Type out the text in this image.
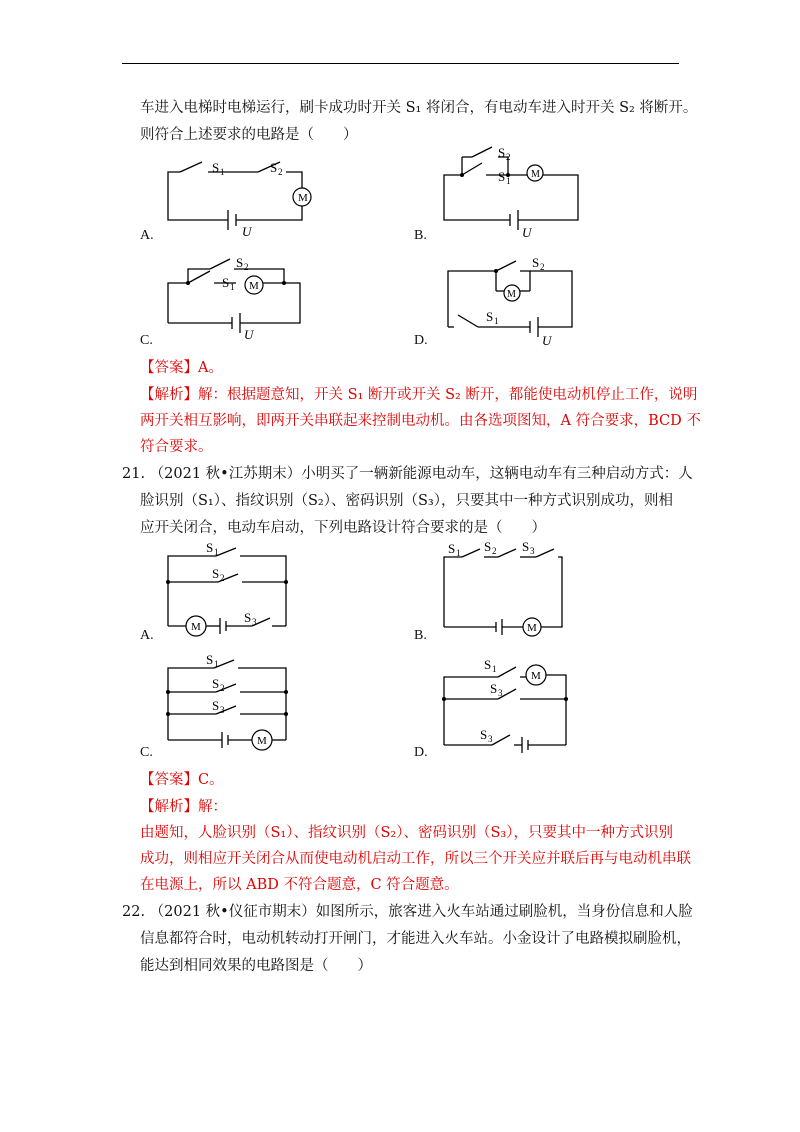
车进入电梯时电梯运行，刷卡成功时开关 S₁ 将闭合，有电动车进入时开关 S₂ 将断开。
则符合上述要求的电路是（　　）
M
S 1	S 2
U
A.
M
S 2
S 1
U
B.
M
S 2
S 1
U
C.
M
S 2
S 1
U
D.
【答案】A。
【解析】解：根据题意知，开关 S₁ 断开或开关 S₂ 断开，都能使电动机停止工作，说明
两开关相互影响，即两开关串联起来控制电动机。由各选项图知，A 符合要求，BCD 不
符合要求。
21. （2021 秋•江苏期末）小明买了一辆新能源电动车，这辆电动车有三种启动方式：人
脸识别（S₁）、指纹识别（S₂）、密码识别（S₃），只要其中一种方式识别成功，则相
应开关闭合，电动车启动，下列电路设计符合要求的是（　　）
M
S 1
S 2
S 3
A.	M
S 1 S 2 S 3
B.
M
S 1
S 2
S 3
C.
M
S 1
S 3
S 3
D.
【答案】C。
【解析】解：
由题知，人脸识别（S₁）、指纹识别（S₂）、密码识别（S₃），只要其中一种方式识别
成功，则相应开关闭合从而使电动机启动工作，所以三个开关应并联后再与电动机串联
在电源上，所以 ABD 不符合题意，C 符合题意。
22. （2021 秋•仪征市期末）如图所示，旅客进入火车站通过刷脸机，当身份信息和人脸
信息都符合时，电动机转动打开闸门，才能进入火车站。小金设计了电路模拟刷脸机，
能达到相同效果的电路图是（　　）
